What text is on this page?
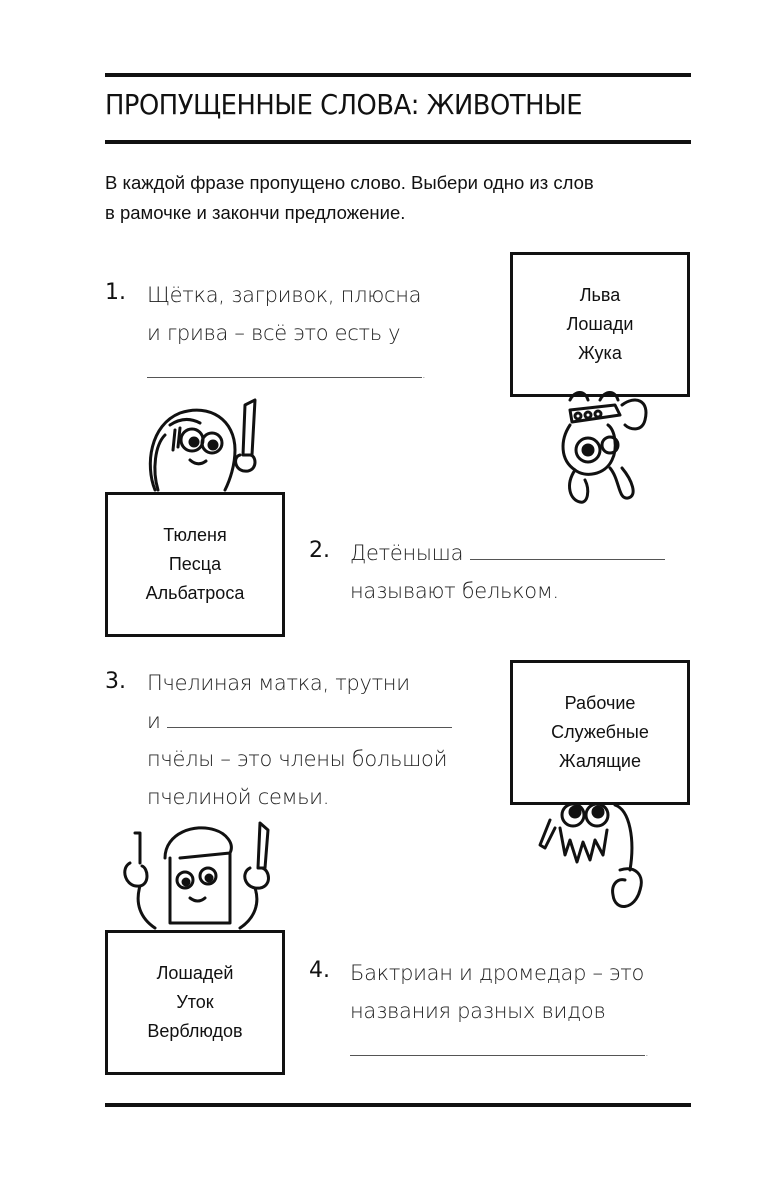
ПРОПУЩЕННЫЕ СЛОВА: ЖИВОТНЫЕ
В каждой фразе пропущено слово. Выбери одно из слов
в рамочке и закончи предложение.
1. Щётка, загривок, плюсна
и грива – всё это есть у
.
Льва
Лошади
Жука
Тюленя
Песца
Альбатроса
2. Детёныша
называют бельком.
3. Пчелиная матка, трутни
и
пчёлы – это члены большой
пчелиной семьи.
Рабочие
Служебные
Жалящие
Лошадей
Уток
Верблюдов
4. Бактриан и дромедар – это
названия разных видов
.
